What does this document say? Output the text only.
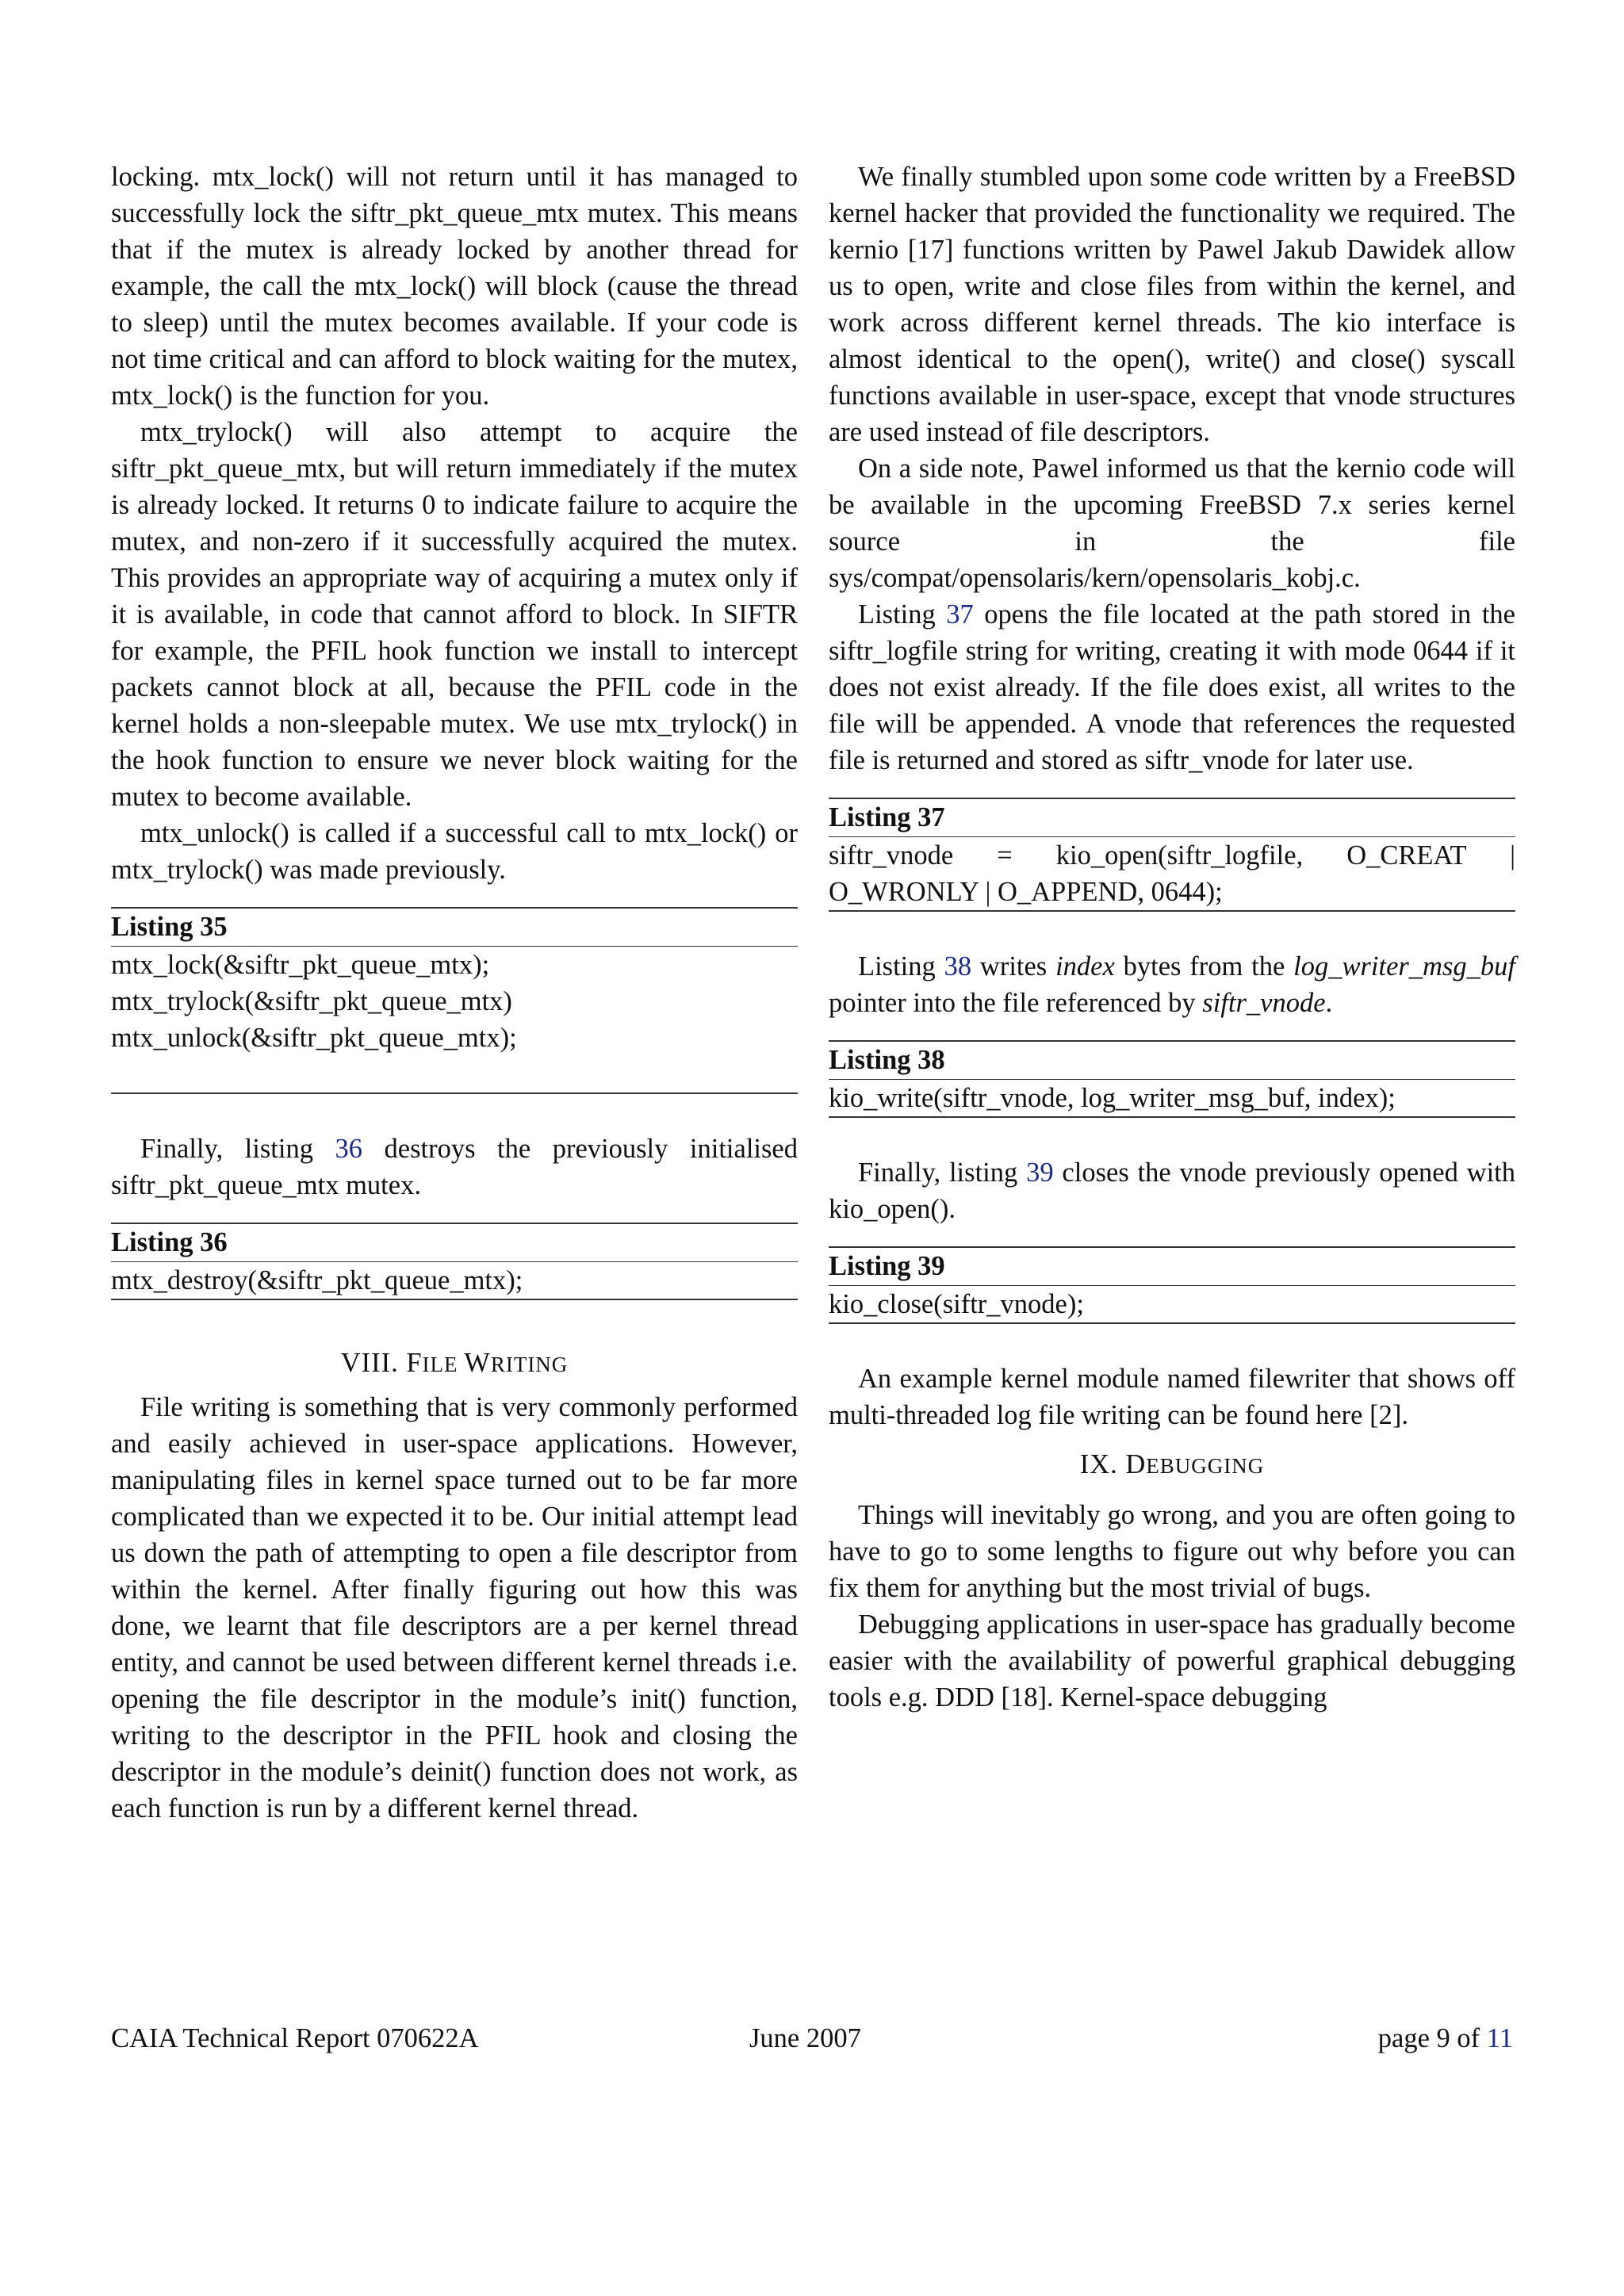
locking. mtx_lock() will not return until it has managed to successfully lock the siftr_pkt_queue_mtx mutex. This means that if the mutex is already locked by another thread for example, the call the mtx_lock() will block (cause the thread to sleep) until the mutex becomes available. If your code is not time critical and can afford to block waiting for the mutex, mtx_lock() is the function for you.

mtx_trylock() will also attempt to acquire the siftr_pkt_queue_mtx, but will return immediately if the mutex is already locked. It returns 0 to indicate failure to acquire the mutex, and non-zero if it successfully acquired the mutex. This provides an appropriate way of acquiring a mutex only if it is available, in code that cannot afford to block. In SIFTR for example, the PFIL hook function we install to intercept packets cannot block at all, because the PFIL code in the kernel holds a non-sleepable mutex. We use mtx_trylock() in the hook function to ensure we never block waiting for the mutex to become available.

mtx_unlock() is called if a successful call to mtx_lock() or mtx_trylock() was made previously.

Listing 35
mtx_lock(&siftr_pkt_queue_mtx);
mtx_trylock(&siftr_pkt_queue_mtx)
mtx_unlock(&siftr_pkt_queue_mtx);

Finally, listing 36 destroys the previously initialised siftr_pkt_queue_mtx mutex.

Listing 36
mtx_destroy(&siftr_pkt_queue_mtx);
VIII. FILE WRITING

File writing is something that is very commonly performed and easily achieved in user-space applications. However, manipulating files in kernel space turned out to be far more complicated than we expected it to be. Our initial attempt lead us down the path of attempting to open a file descriptor from within the kernel. After finally figuring out how this was done, we learnt that file descriptors are a per kernel thread entity, and cannot be used between different kernel threads i.e. opening the file descriptor in the module’s init() function, writing to the descriptor in the PFIL hook and closing the descriptor in the module’s deinit() function does not work, as each function is run by a different kernel thread.

We finally stumbled upon some code written by a FreeBSD kernel hacker that provided the functionality we required. The kernio [17] functions written by Pawel Jakub Dawidek allow us to open, write and close files from within the kernel, and work across different kernel threads. The kio interface is almost identical to the open(), write() and close() syscall functions available in user-space, except that vnode structures are used instead of file descriptors.

On a side note, Pawel informed us that the kernio code will be available in the upcoming FreeBSD 7.x series kernel source in the file sys/compat/opensolaris/kern/opensolaris_kobj.c.

Listing 37 opens the file located at the path stored in the siftr_logfile string for writing, creating it with mode 0644 if it does not exist already. If the file does exist, all writes to the file will be appended. A vnode that references the requested file is returned and stored as siftr_vnode for later use.

Listing 37
siftr_vnode = kio_open(siftr_logfile, O_CREAT |
O_WRONLY | O_APPEND, 0644);

Listing 38 writes index bytes from the log_writer_msg_buf pointer into the file referenced by siftr_vnode.

Listing 38
kio_write(siftr_vnode, log_writer_msg_buf, index);

Finally, listing 39 closes the vnode previously opened with kio_open().

Listing 39
kio_close(siftr_vnode);

An example kernel module named filewriter that shows off multi-threaded log file writing can be found here [2].

IX. DEBUGGING

Things will inevitably go wrong, and you are often going to have to go to some lengths to figure out why before you can fix them for anything but the most trivial of bugs.

Debugging applications in user-space has gradually become easier with the availability of powerful graphical debugging tools e.g. DDD [18]. Kernel-space debugging

CAIA Technical Report 070622A	June 2007	page 9 of 11
